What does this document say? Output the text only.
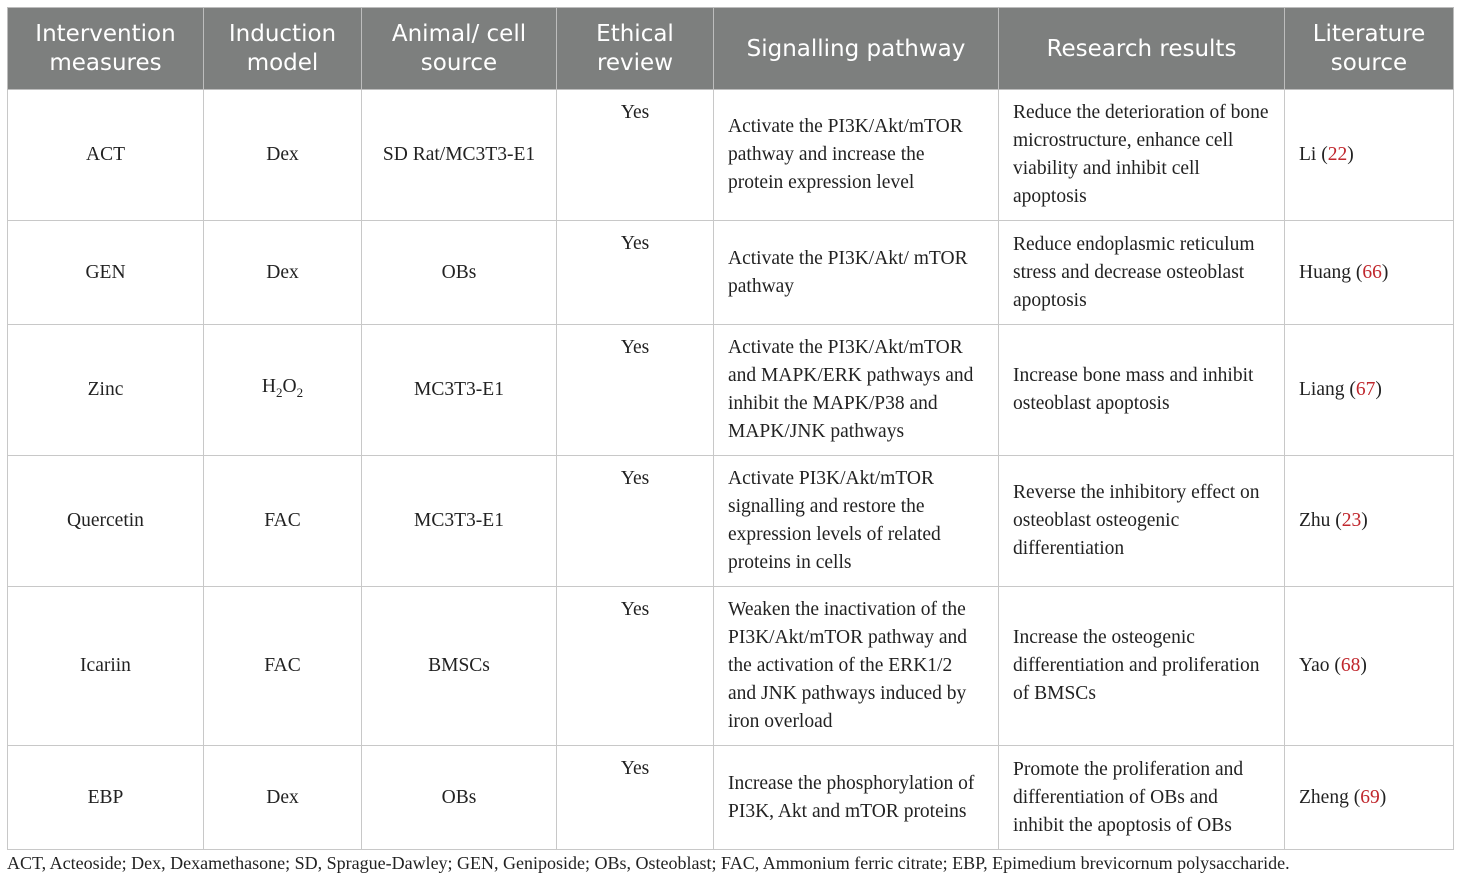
Intervention measures	Induction model	Animal/ cell source	Ethical review	Signalling pathway	Research results	Literature source
ACT	Dex	SD Rat/MC3T3-E1	Yes	Activate the PI3K/Akt/mTOR pathway and increase the protein expression level	Reduce the deterioration of bone microstructure, enhance cell viability and inhibit cell apoptosis	Li (22)
GEN	Dex	OBs	Yes	Activate the PI3K/Akt/ mTOR pathway	Reduce endoplasmic reticulum stress and decrease osteoblast apoptosis	Huang (66)
Zinc	$H_2O_2$	MC3T3-E1	Yes	Activate the PI3K/Akt/mTOR and MAPK/ERK pathways and inhibit the MAPK/P38 and MAPK/JNK pathways	Increase bone mass and inhibit osteoblast apoptosis	Liang (67)
Quercetin	FAC	MC3T3-E1	Yes	Activate PI3K/Akt/mTOR signalling and restore the expression levels of related proteins in cells	Reverse the inhibitory effect on osteoblast osteogenic differentiation	Zhu (23)
Icariin	FAC	BMSCs	Yes	Weaken the inactivation of the PI3K/Akt/mTOR pathway and the activation of the ERK1/2 and JNK pathways induced by iron overload	Increase the osteogenic differentiation and proliferation of BMSCs	Yao (68)
EBP	Dex	OBs	Yes	Increase the phosphorylation of PI3K, Akt and mTOR proteins	Promote the proliferation and differentiation of OBs and inhibit the apoptosis of OBs	Zheng (69)
ACT, Acteoside; Dex, Dexamethasone; SD, Sprague-Dawley; GEN, Geniposide; OBs, Osteoblast; FAC, Ammonium ferric citrate; EBP, Epimedium brevicornum polysaccharide.
